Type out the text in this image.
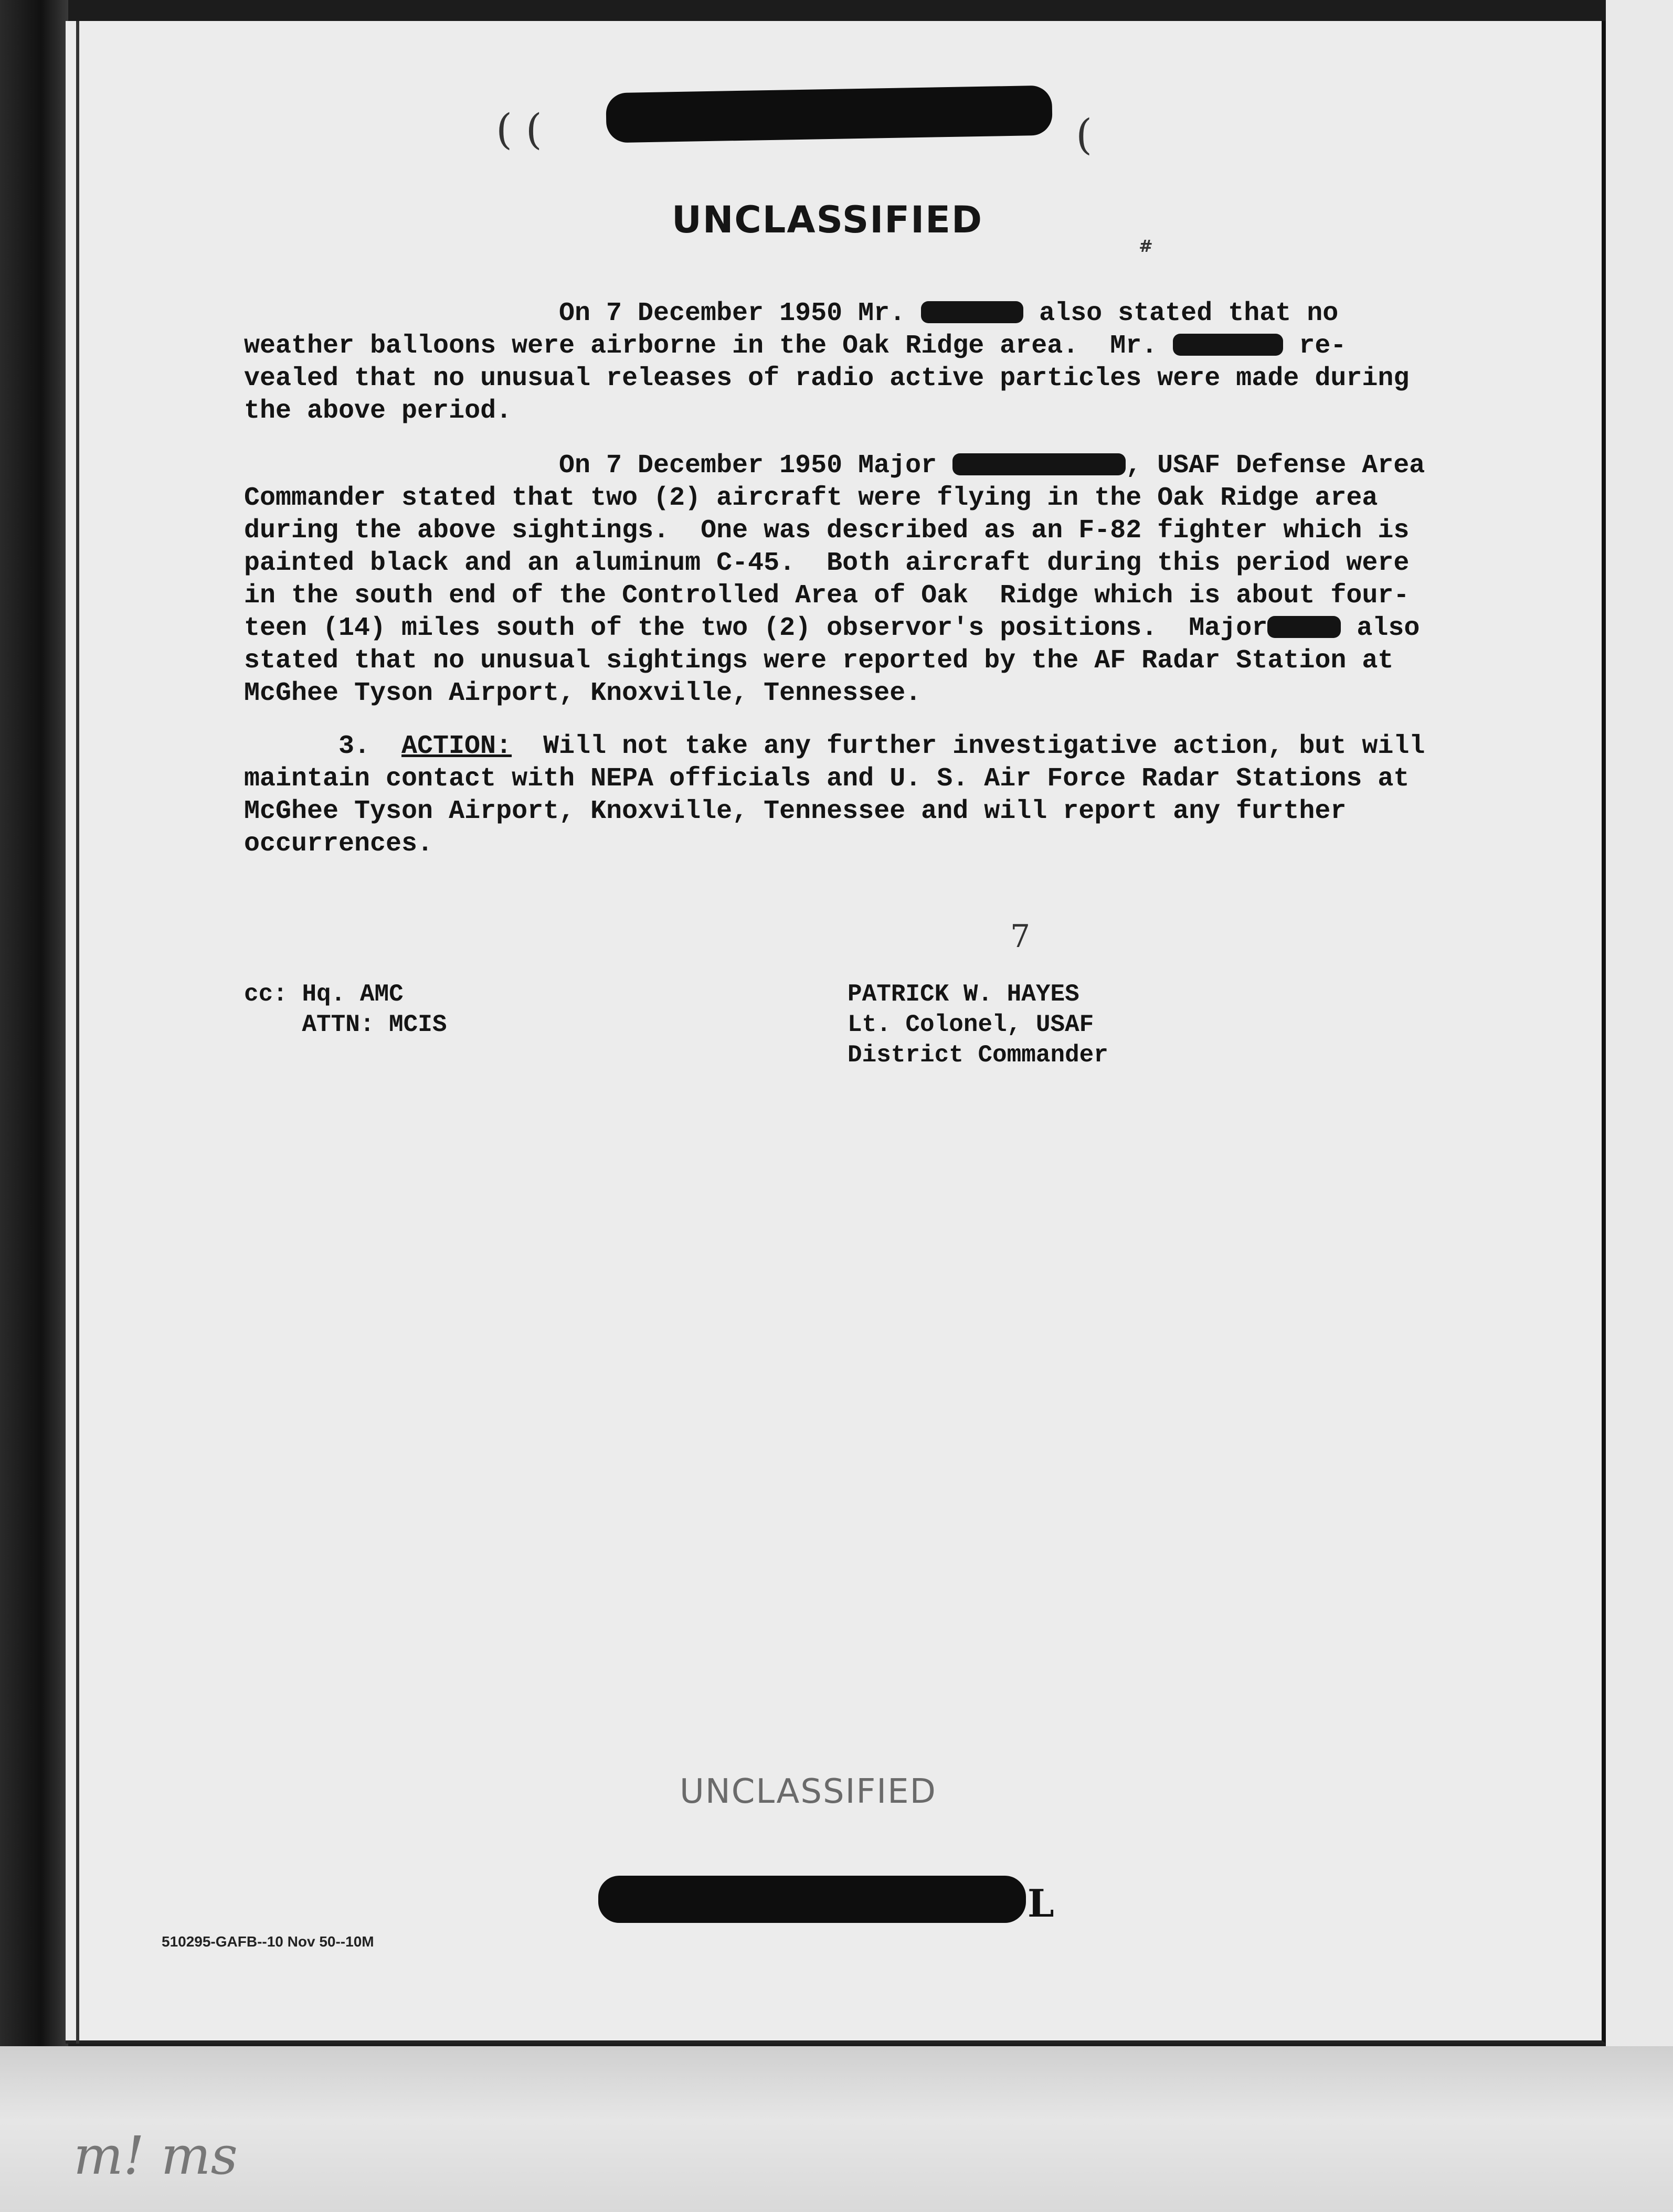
( (	(
UNCLASSIFIED
#

On 7 December 1950 Mr.	also stated that no
weather balloons were airborne in the Oak Ridge area.  Mr.	re-
vealed that no unusual releases of radio active particles were made during
the above period.

On 7 December 1950 Major	, USAF Defense Area
Commander stated that two (2) aircraft were flying in the Oak Ridge area
during the above sightings.  One was described as an F-82 fighter which is
painted black and an aluminum C-45.  Both aircraft during this period were
in the south end of the Controlled Area of Oak  Ridge which is about four-
teen (14) miles south of the two (2) observor's positions.  Major	also
stated that no unusual sightings were reported by the AF Radar Station at
McGhee Tyson Airport, Knoxville, Tennessee.

3. ACTION: Will not take any further investigative action, but will
maintain contact with NEPA officials and U. S. Air Force Radar Stations at
McGhee Tyson Airport, Knoxville, Tennessee and will report any further
occurrences.

cc: Hq. AMC
ATTN: MCIS

7

PATRICK W. HAYES
Lt. Colonel, USAF
District Commander

UNCLASSIFIED
L
510295-GAFB--10 Nov 50--10M
m! ms
